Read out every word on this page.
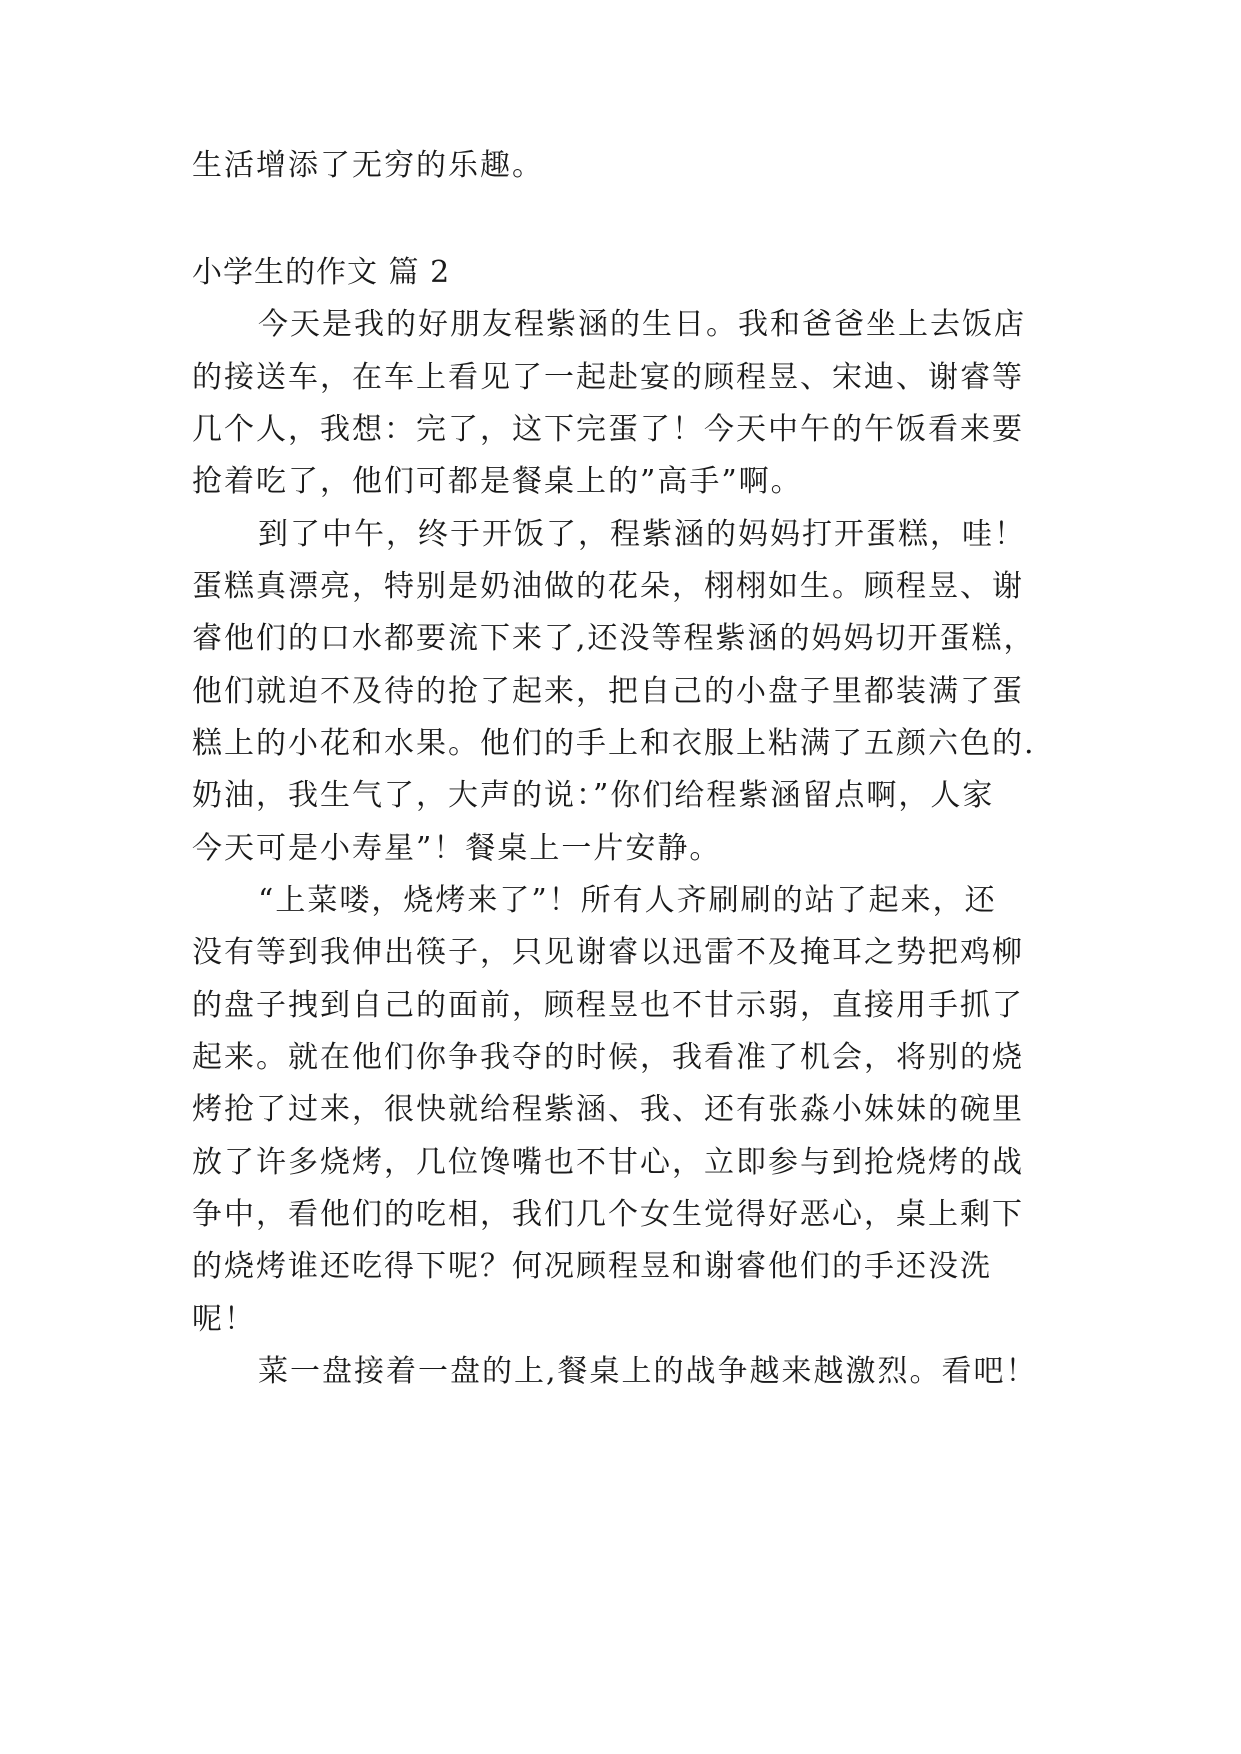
生活增添了无穷的乐趣。
小学生的作文 篇 2
今天是我的好朋友程紫涵的生日。我和爸爸坐上去饭店
的接送车，在车上看见了一起赴宴的顾程昱、宋迪、谢睿等
几个人，我想：完了，这下完蛋了！今天中午的午饭看来要
抢着吃了，他们可都是餐桌上的”高手”啊。
到了中午，终于开饭了，程紫涵的妈妈打开蛋糕，哇！
蛋糕真漂亮，特别是奶油做的花朵，栩栩如生。顾程昱、谢
睿他们的口水都要流下来了,还没等程紫涵的妈妈切开蛋糕，
他们就迫不及待的抢了起来，把自己的小盘子里都装满了蛋
糕上的小花和水果。他们的手上和衣服上粘满了五颜六色的.
奶油，我生气了，大声的说：”你们给程紫涵留点啊，人家
今天可是小寿星”！餐桌上一片安静。
“上菜喽，烧烤来了”！所有人齐刷刷的站了起来，还
没有等到我伸出筷子，只见谢睿以迅雷不及掩耳之势把鸡柳
的盘子拽到自己的面前，顾程昱也不甘示弱，直接用手抓了
起来。就在他们你争我夺的时候，我看准了机会，将别的烧
烤抢了过来，很快就给程紫涵、我、还有张淼小妹妹的碗里
放了许多烧烤，几位馋嘴也不甘心，立即参与到抢烧烤的战
争中，看他们的吃相，我们几个女生觉得好恶心，桌上剩下
的烧烤谁还吃得下呢？何况顾程昱和谢睿他们的手还没洗
呢！
菜一盘接着一盘的上,餐桌上的战争越来越激烈。看吧！
